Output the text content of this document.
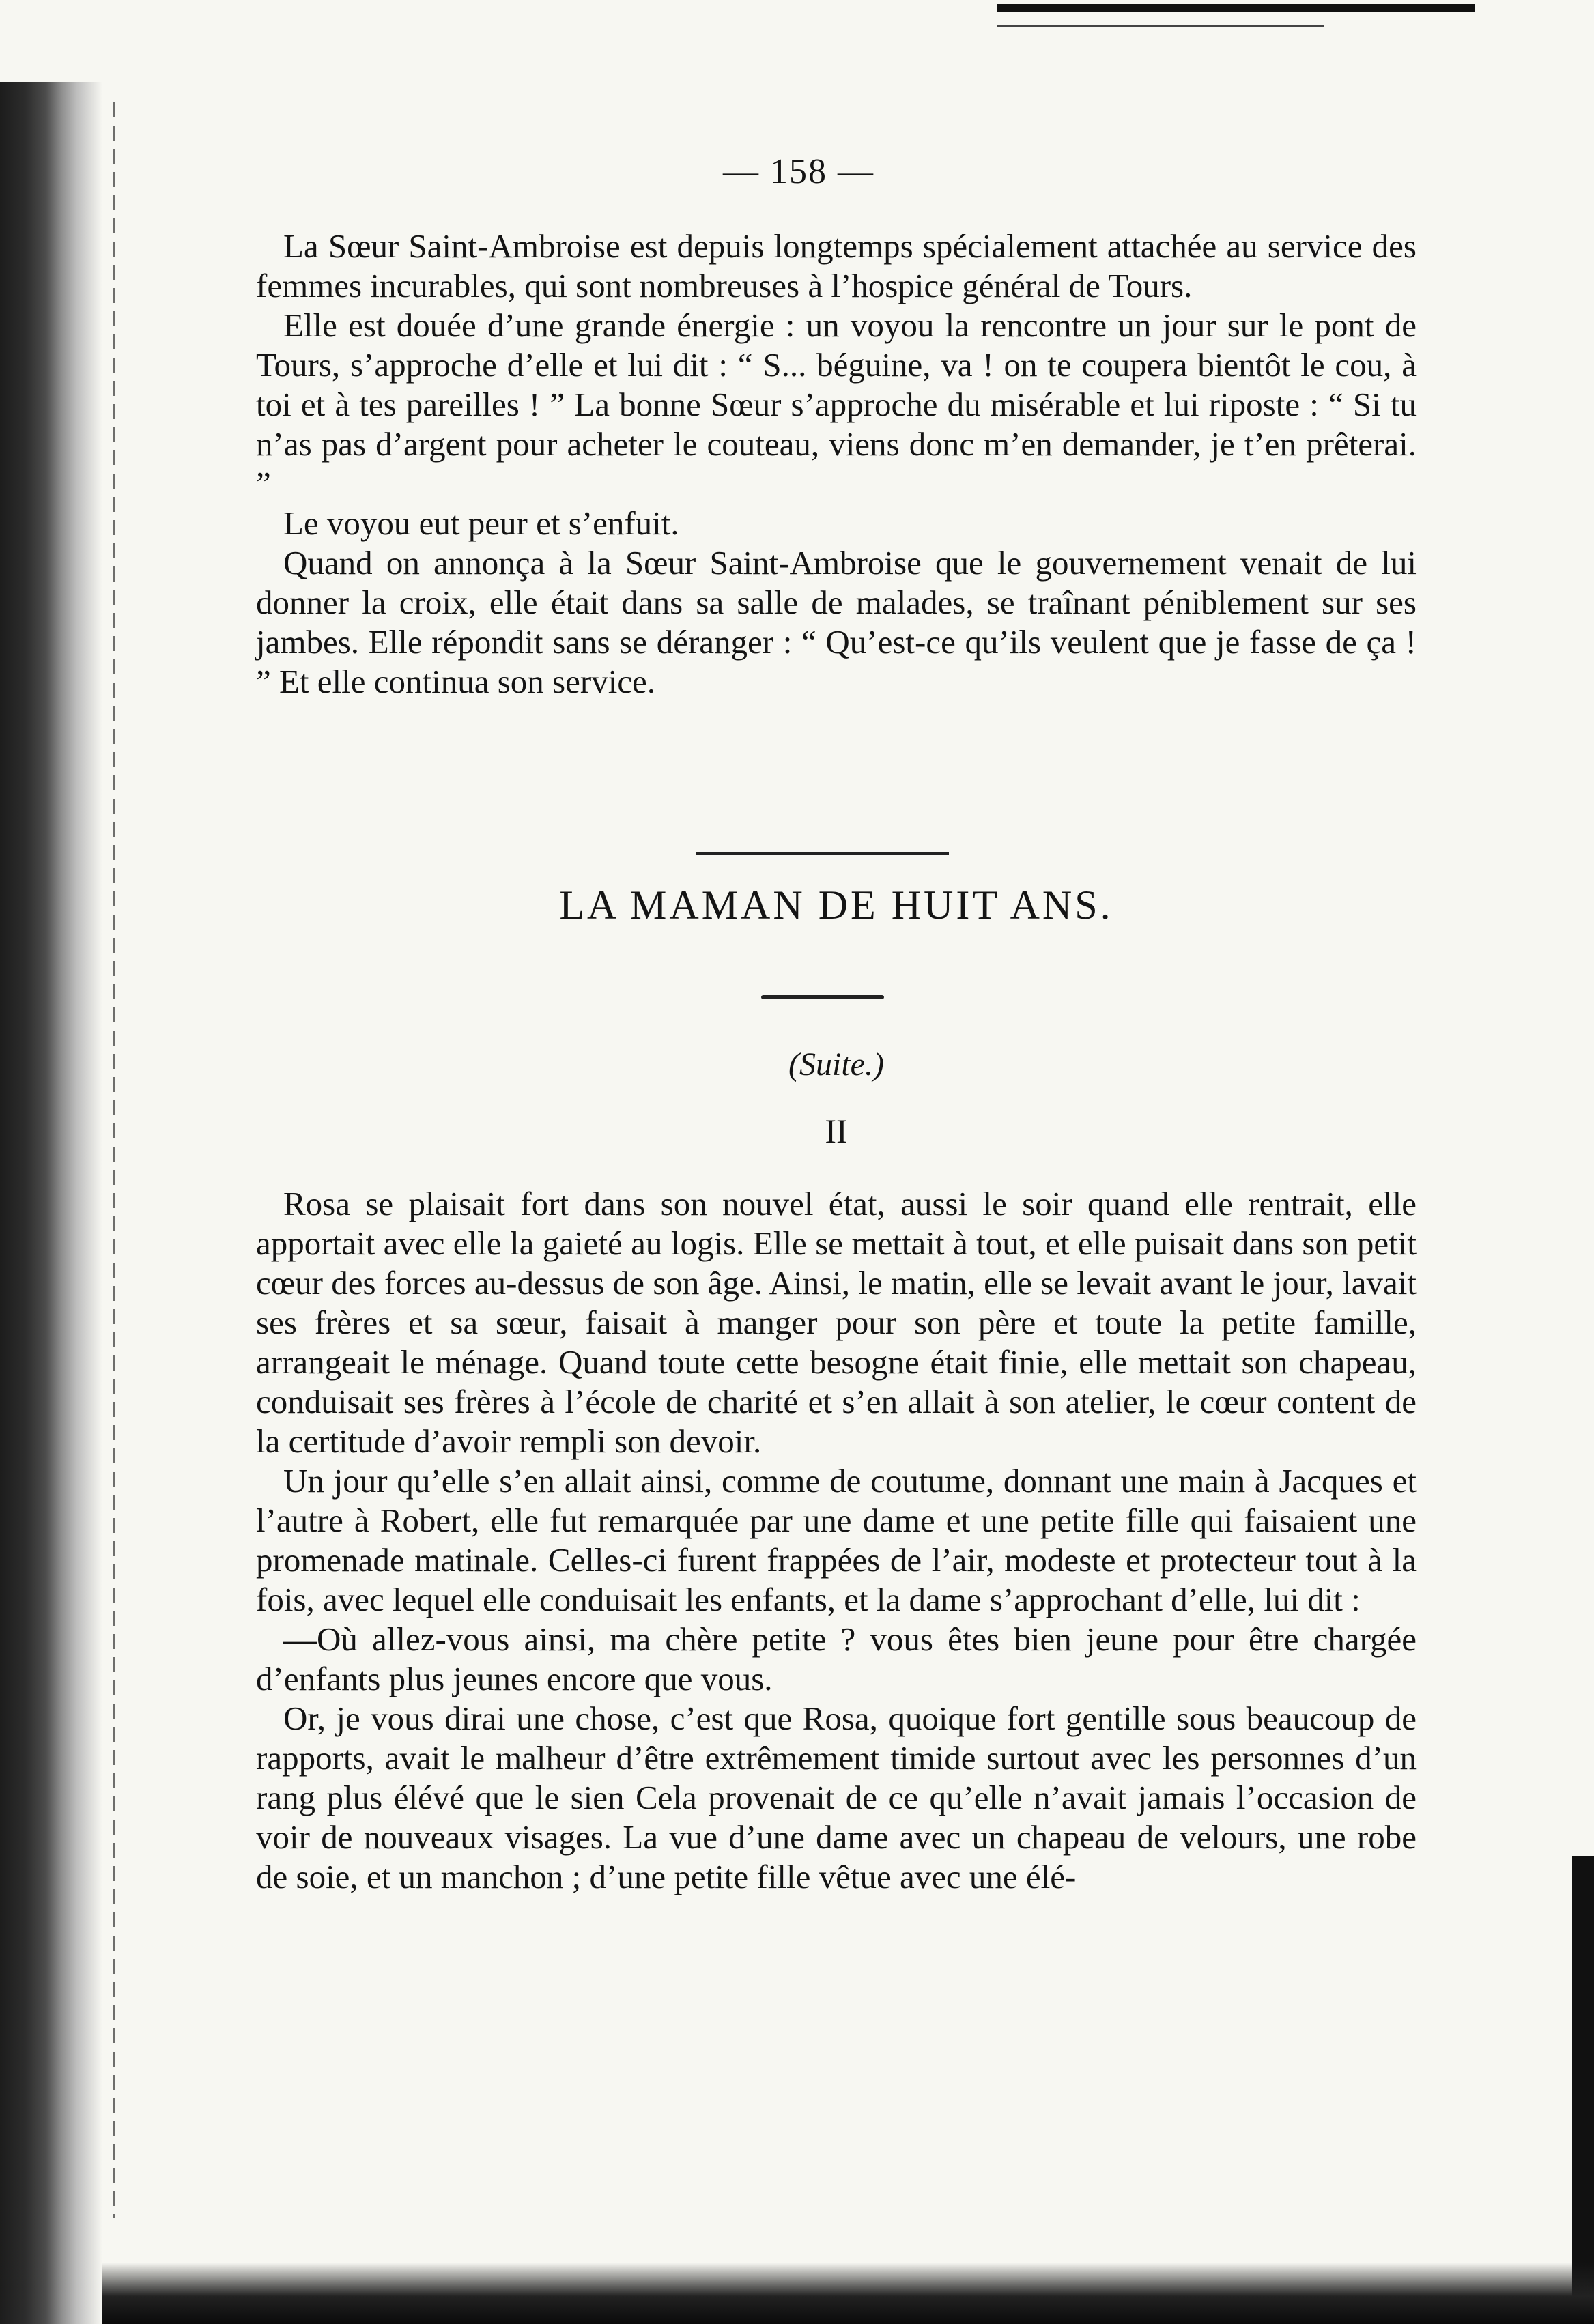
— 158 —

La Sœur Saint-Ambroise est depuis longtemps spécialement attachée au service des femmes incurables, qui sont nombreuses à l’hospice général de Tours.

Elle est douée d’une grande énergie : un voyou la rencontre un jour sur le pont de Tours, s’approche d’elle et lui dit : “ S... béguine, va ! on te coupera bientôt le cou, à toi et à tes pareilles ! ” La bonne Sœur s’approche du misérable et lui riposte : “ Si tu n’as pas d’argent pour acheter le couteau, viens donc m’en demander, je t’en prêterai. ”

Le voyou eut peur et s’enfuit.

Quand on annonça à la Sœur Saint-Ambroise que le gouvernement venait de lui donner la croix, elle était dans sa salle de malades, se traînant péniblement sur ses jambes. Elle répondit sans se déranger : “ Qu’est-ce qu’ils veulent que je fasse de ça ! ” Et elle continua son service.

LA MAMAN DE HUIT ANS.
(Suite.)
II

Rosa se plaisait fort dans son nouvel état, aussi le soir quand elle rentrait, elle apportait avec elle la gaieté au logis. Elle se mettait à tout, et elle puisait dans son petit cœur des forces au-dessus de son âge. Ainsi, le matin, elle se levait avant le jour, lavait ses frères et sa sœur, faisait à manger pour son père et toute la petite famille, arrangeait le ménage. Quand toute cette besogne était finie, elle mettait son chapeau, conduisait ses frères à l’école de charité et s’en allait à son atelier, le cœur content de la certitude d’avoir rempli son devoir.

Un jour qu’elle s’en allait ainsi, comme de coutume, donnant une main à Jacques et l’autre à Robert, elle fut remarquée par une dame et une petite fille qui faisaient une promenade matinale. Celles-ci furent frappées de l’air, modeste et protecteur tout à la fois, avec lequel elle conduisait les enfants, et la dame s’approchant d’elle, lui dit :

—Où allez-vous ainsi, ma chère petite ? vous êtes bien jeune pour être chargée d’enfants plus jeunes encore que vous.

Or, je vous dirai une chose, c’est que Rosa, quoique fort gentille sous beaucoup de rapports, avait le malheur d’être extrêmement timide surtout avec les personnes d’un rang plus élévé que le sien Cela provenait de ce qu’elle n’avait jamais l’occasion de voir de nouveaux visages. La vue d’une dame avec un chapeau de velours, une robe de soie, et un manchon ; d’une petite fille vêtue avec une élé-
